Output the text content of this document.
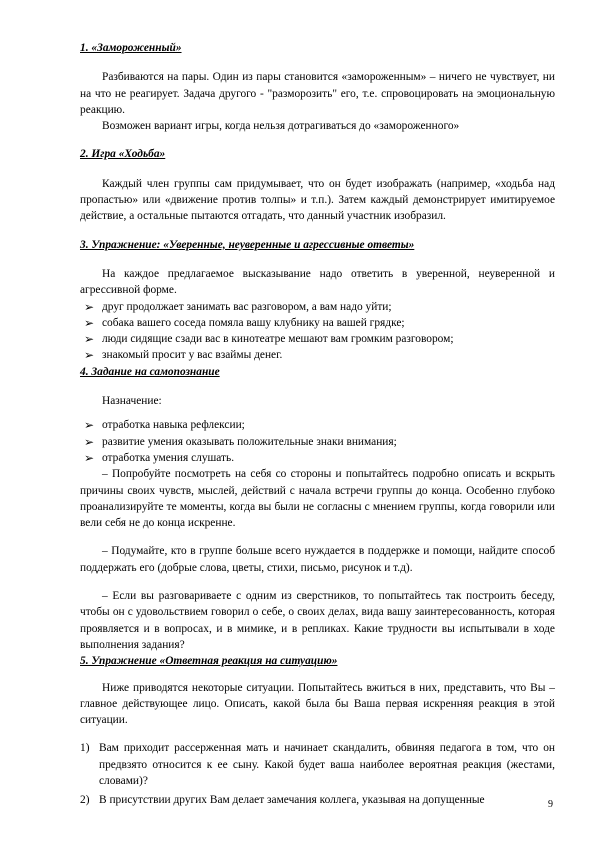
1. «Замороженный»
Разбиваются на пары. Один из пары становится «замороженным» – ничего не чувствует, ни на что не реагирует. Задача другого - "разморозить" его, т.е. спровоцировать на эмоциональную реакцию.
Возможен вариант игры, когда нельзя дотрагиваться до «замороженного»
2. Игра «Ходьба»
Каждый член группы сам придумывает, что он будет изображать (например, «ходьба над пропастью» или «движение против толпы» и т.п.). Затем каждый демонстрирует имитируемое действие, а остальные пытаются отгадать, что данный участник изобразил.
3. Упражнение: «Уверенные, неуверенные и агрессивные ответы»
На каждое предлагаемое высказывание надо ответить в уверенной, неуверенной и агрессивной форме.
➢ друг продолжает занимать вас разговором, а вам надо уйти;
➢ собака вашего соседа помяла вашу клубнику на вашей грядке;
➢ люди сидящие сзади вас в кинотеатре мешают вам громким разговором;
➢ знакомый просит у вас взаймы денег.
4. Задание на самопознание
Назначение:
➢ отработка навыка рефлексии;
➢ развитие умения оказывать положительные знаки внимания;
➢ отработка умения слушать.
– Попробуйте посмотреть на себя со стороны и попытайтесь подробно описать и вскрыть причины своих чувств, мыслей, действий с начала встречи группы до конца. Особенно глубоко проанализируйте те моменты, когда вы были не согласны с мнением группы, когда говорили или вели себя не до конца искренне.
– Подумайте, кто в группе больше всего нуждается в поддержке и помощи, найдите способ поддержать его (добрые слова, цветы, стихи, письмо, рисунок и т.д).
– Если вы разговариваете с одним из сверстников, то попытайтесь так построить беседу, чтобы он с удовольствием говорил о себе, о своих делах, вида вашу заинтересованность, которая проявляется и в вопросах, и в мимике, и в репликах. Какие трудности вы испытывали в ходе выполнения задания?
5. Упражнение «Ответная реакция на ситуацию»
Ниже приводятся некоторые ситуации. Попытайтесь вжиться в них, представить, что Вы – главное действующее лицо. Описать, какой была бы Ваша первая искренняя реакция в этой ситуации.
1) Вам приходит рассерженная мать и начинает скандалить, обвиняя педагога в том, что он предвзято относится к ее сыну. Какой будет ваша наиболее вероятная реакция (жестами, словами)?
2) В присутствии других Вам делает замечания коллега, указывая на допущенные	9
